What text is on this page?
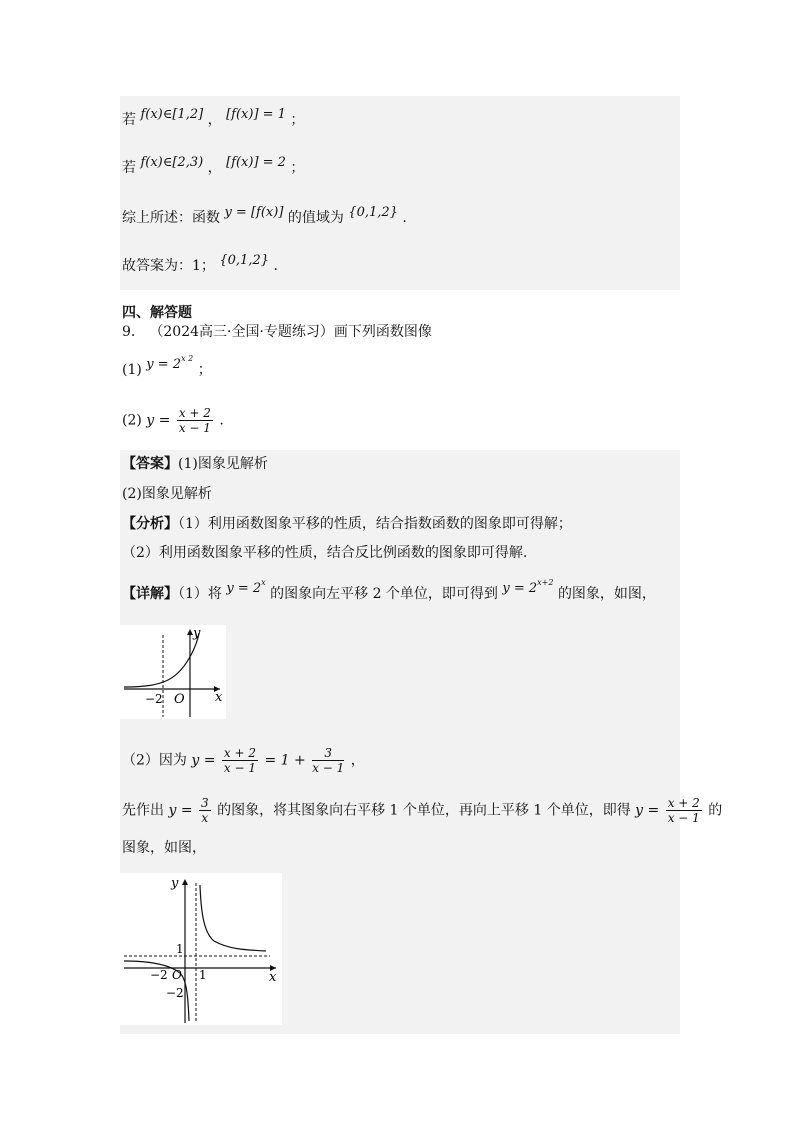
若 f(x)∈[1,2] ， [f(x)] = 1 ；
若 f(x)∈[2,3) ， [f(x)] = 2 ；
综上所述：函数 y = [f(x)] 的值域为 {0,1,2} .
故答案为：1； {0,1,2} .
四、解答题
9． （2024高三·全国·专题练习）画下列函数图像
(1) $y = 2^{x 2}$ ；
(2) $y = \frac{x + 2}{x - 1}$ .
【答案】(1)图象见解析
(2)图象见解析
【分析】（1）利用函数图象平移的性质，结合指数函数的图象即可得解；
（2）利用函数图象平移的性质，结合反比例函数的图象即可得解.
【详解】（1）将 $y = 2^x$ 的图象向左平移 2 个单位，即可得到 $y = 2^{x+2}$ 的图象，如图，
y
x
O
−2
（2）因为 $y = \frac{x + 2}{x - 1} = 1 + \frac{3}{x - 1}$ ，
先作出 $y = \frac{3}{x}$ 的图象，将其图象向右平移 1 个单位，再向上平移 1 个单位，即得 $y = \frac{x + 2}{x - 1}$ 的
图象，如图，
y
x
O
−2	1
1
−2
